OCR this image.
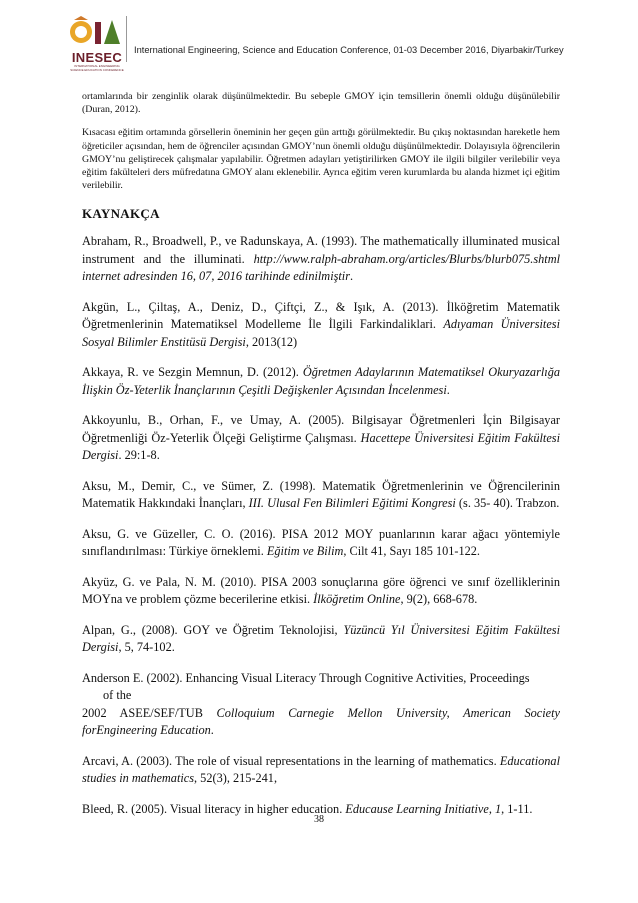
INESEC
INTERNATIONAL ENGINEERING SCIENCE EDUCATION CONFERENCE
International Engineering, Science and Education Conference, 01-03 December 2016, Diyarbakir/Turkey

ortamlarında bir zenginlik olarak düşünülmektedir. Bu sebeple GMOY için temsillerin önemli olduğu düşünülebilir (Duran, 2012).

Kısacası eğitim ortamında görsellerin öneminin her geçen gün arttığı görülmektedir. Bu çıkış noktasından hareketle hem öğreticiler açısından, hem de öğrenciler açısından GMOY’nun önemli olduğu düşünülmektedir. Dolayısıyla öğrencilerin GMOY’nu geliştirecek çalışmalar yapılabilir. Öğretmen adayları yetiştirilirken GMOY ile ilgili bilgiler verilebilir veya eğitim fakülteleri ders müfredatına GMOY alanı eklenebilir. Ayrıca eğitim veren kurumlarda bu alanda hizmet içi eğitim verilebilir.

KAYNAKÇA

Abraham, R., Broadwell, P., ve Radunskaya, A. (1993). The mathematically illuminated musical instrument and the illuminati. http://www.ralph-abraham.org/articles/Blurbs/blurb075.shtml internet adresinden 16, 07, 2016 tarihinde edinilmiştir.

Akgün, L., Çiltaş, A., Deniz, D., Çiftçi, Z., & Işık, A. (2013). İlköğretim Matematik Öğretmenlerinin Matematiksel Modelleme İle İlgili Farkindaliklari. Adıyaman Üniversitesi Sosyal Bilimler Enstitüsü Dergisi, 2013(12)

Akkaya, R. ve Sezgin Memnun, D. (2012). Öğretmen Adaylarının Matematiksel Okuryazarlığa İlişkin Öz-Yeterlik İnançlarının Çeşitli Değişkenler Açısından İncelenmesi.

Akkoyunlu, B., Orhan, F., ve Umay, A. (2005). Bilgisayar Öğretmenleri İçin Bilgisayar Öğretmenliği Öz-Yeterlik Ölçeği Geliştirme Çalışması. Hacettepe Üniversitesi Eğitim Fakültesi Dergisi. 29:1-8.

Aksu, M., Demir, C., ve Sümer, Z. (1998). Matematik Öğretmenlerinin ve Öğrencilerinin Matematik Hakkındaki İnançları, III. Ulusal Fen Bilimleri Eğitimi Kongresi (s. 35- 40). Trabzon.

Aksu, G. ve Güzeller, C. O. (2016). PISA 2012 MOY puanlarının karar ağacı yöntemiyle sınıflandırılması: Türkiye örneklemi. Eğitim ve Bilim, Cilt 41, Sayı 185 101-122.

Akyüz, G. ve Pala, N. M. (2010). PISA 2003 sonuçlarına göre öğrenci ve sınıf özelliklerinin MOYna ve problem çözme becerilerine etkisi. İlköğretim Online, 9(2), 668-678.

Alpan, G., (2008). GOY ve Öğretim Teknolojisi, Yüzüncü Yıl Üniversitesi Eğitim Fakültesi Dergisi, 5, 74-102.

Anderson E. (2002). Enhancing Visual Literacy Through Cognitive Activities, Proceedings
of the
2002 ASEE/SEF/TUB Colloquium Carnegie Mellon University, American Society forEngineering Education.

Arcavi, A. (2003). The role of visual representations in the learning of mathematics. Educational studies in mathematics, 52(3), 215-241,

Bleed, R. (2005). Visual literacy in higher education. Educause Learning Initiative, 1, 1-11.

38
